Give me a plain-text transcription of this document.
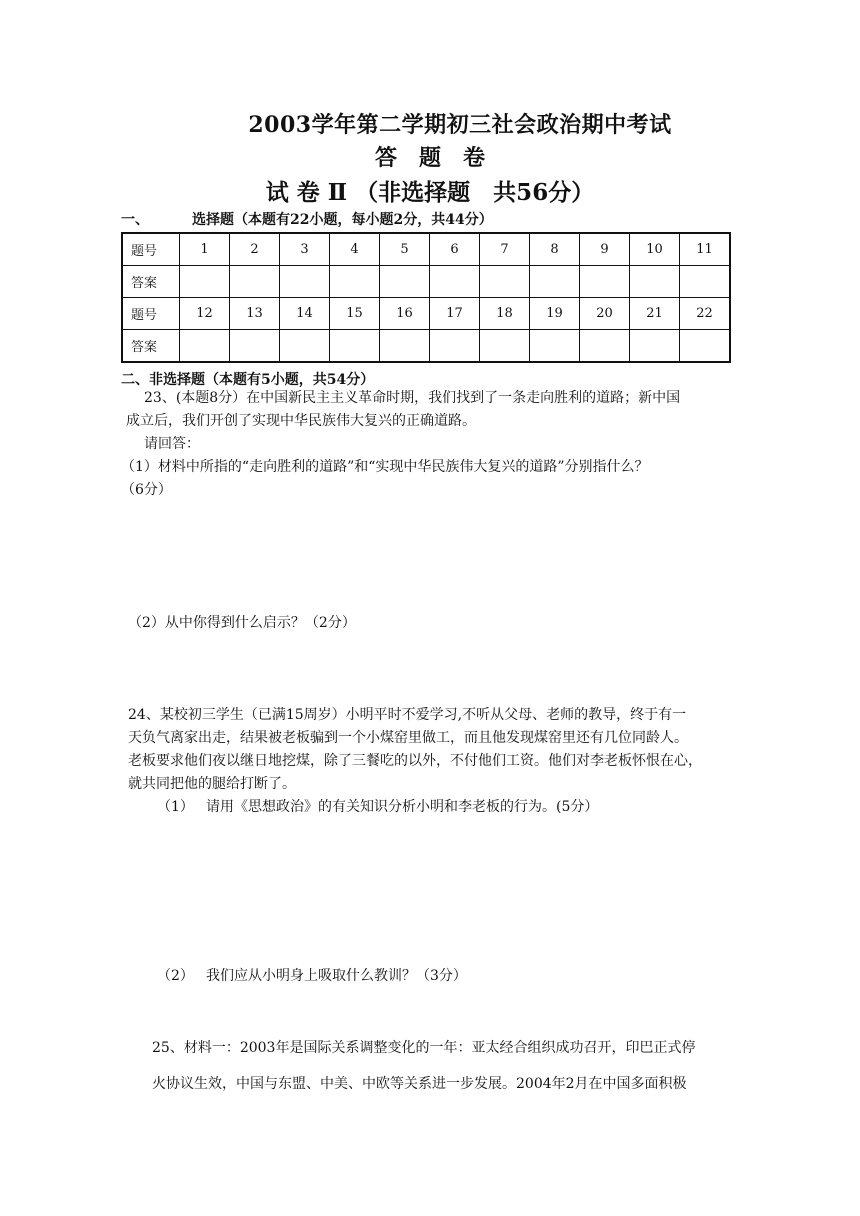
2003学年第二学期初三社会政治期中考试
答　题　卷
试 卷 Ⅱ （非选择题　共56分）
一、	选择题（本题有22小题，每小题2分，共44分）
题号	1	2	3	4	5	6	7	8	9	10	11
答案											
题号	12	13	14	15	16	17	18	19	20	21	22
答案											
二、非选择题（本题有5小题，共54分）
23、(本题8分）在中国新民主主义革命时期，我们找到了一条走向胜利的道路；新中国
成立后，我们开创了实现中华民族伟大复兴的正确道路。
请回答：
（1）材料中所指的“走向胜利的道路”和“实现中华民族伟大复兴的道路”分别指什么？
（6分）
（2）从中你得到什么启示？（2分）
24、某校初三学生（已满15周岁）小明平时不爱学习,不听从父母、老师的教导，终于有一
天负气离家出走，结果被老板骗到一个小煤窑里做工，而且他发现煤窑里还有几位同龄人。
老板要求他们夜以继日地挖煤，除了三餐吃的以外，不付他们工资。他们对李老板怀恨在心，
就共同把他的腿给打断了。
（1） 请用《思想政治》的有关知识分析小明和李老板的行为。(5分）
（2） 我们应从小明身上吸取什么教训？（3分）
25、材料一：2003年是国际关系调整变化的一年：亚太经合组织成功召开，印巴正式停
火协议生效，中国与东盟、中美、中欧等关系进一步发展。2004年2月在中国多面积极
